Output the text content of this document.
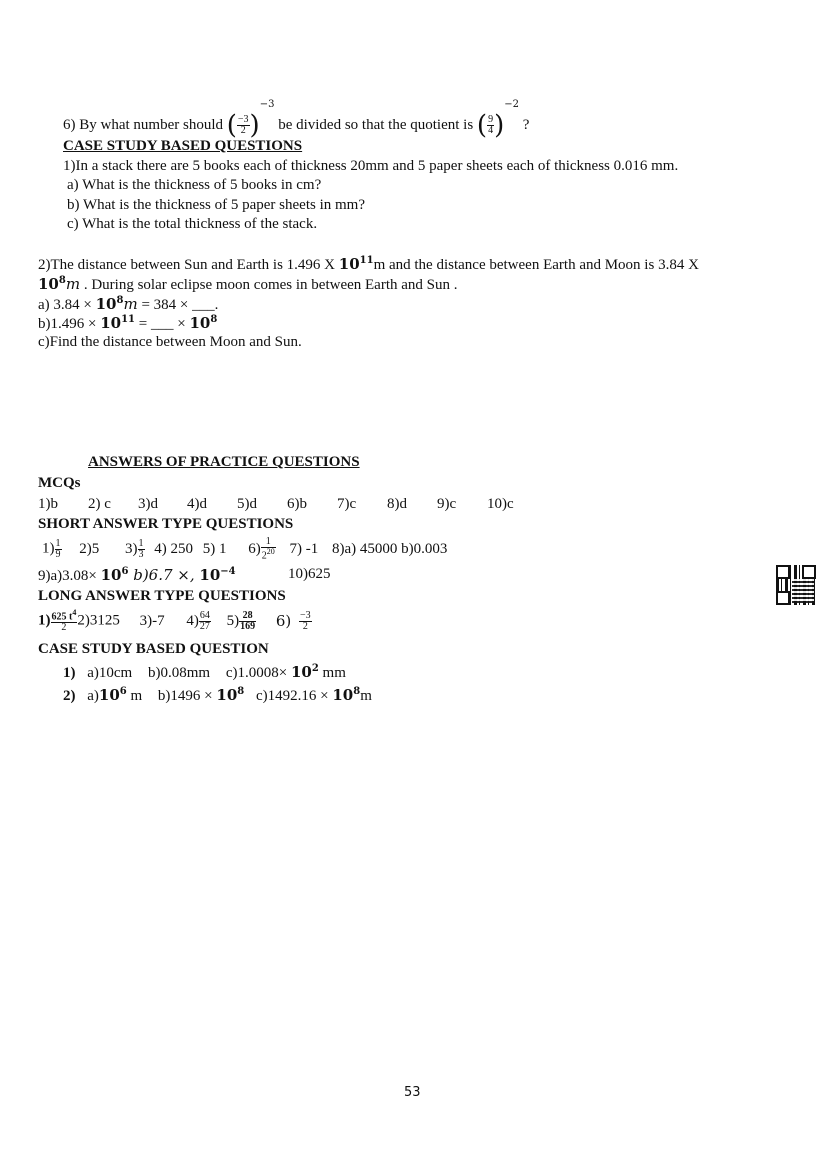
6) By what number should ( $\frac{-3}{2} )^{-3}$ be divided so that the quotient is ( $\frac{9}{4} )^{-2}$ ?
CASE STUDY BASED QUESTIONS
1)In a stack there are 5 books each of thickness 20mm and 5 paper sheets each of thickness 0.016 mm.
a) What is the thickness of 5 books in cm?
b) What is the thickness of 5 paper sheets in mm?
c) What is the total thickness of the stack.
2)The distance between Sun and Earth is 1.496 X $10^{11}m$ and the distance between Earth and Moon is 3.84 X
$10^8m$ . During solar eclipse moon comes in between Earth and Sun .
a) $3.84 \times 10^8m = 384$ × ___.
$b)1.496 \times 10^{11}$ = ___ × $10^8$
c)Find the distance between Moon and Sun.
ANSWERS OF PRACTICE QUESTIONS
MCQs
1)b 2) c 3)d 4)d 5)d 6)b 7)c 8)d 9)c 10)c
SHORT ANSWER TYPE QUESTIONS
$1) \frac{1}{9} 2)5$ $3) \frac{1}{3} 4$) 250 5) 1 $6) \frac{1}{2^{20}} 7$) -1 8)a) 45000 b)0.003
$9)a)3.08\times 10^6$ b)6.7 ×, $10^{-4}$	10)625
LONG ANSWER TYPE QUESTIONS
$1) \frac{625 t^4}{2} 2)3125$ 3)-7 $4) \frac{64}{27} 5) \frac{28}{169} 6) \frac{-3}{2}$
CASE STUDY BASED QUESTION
1) a)10cm b)0.08mm $c)1.0008\times 10^2$ mm
2) $a)10^6$ m $b)1496 \times 10^8$ $c)1492.16 \times 10^8m$
53
